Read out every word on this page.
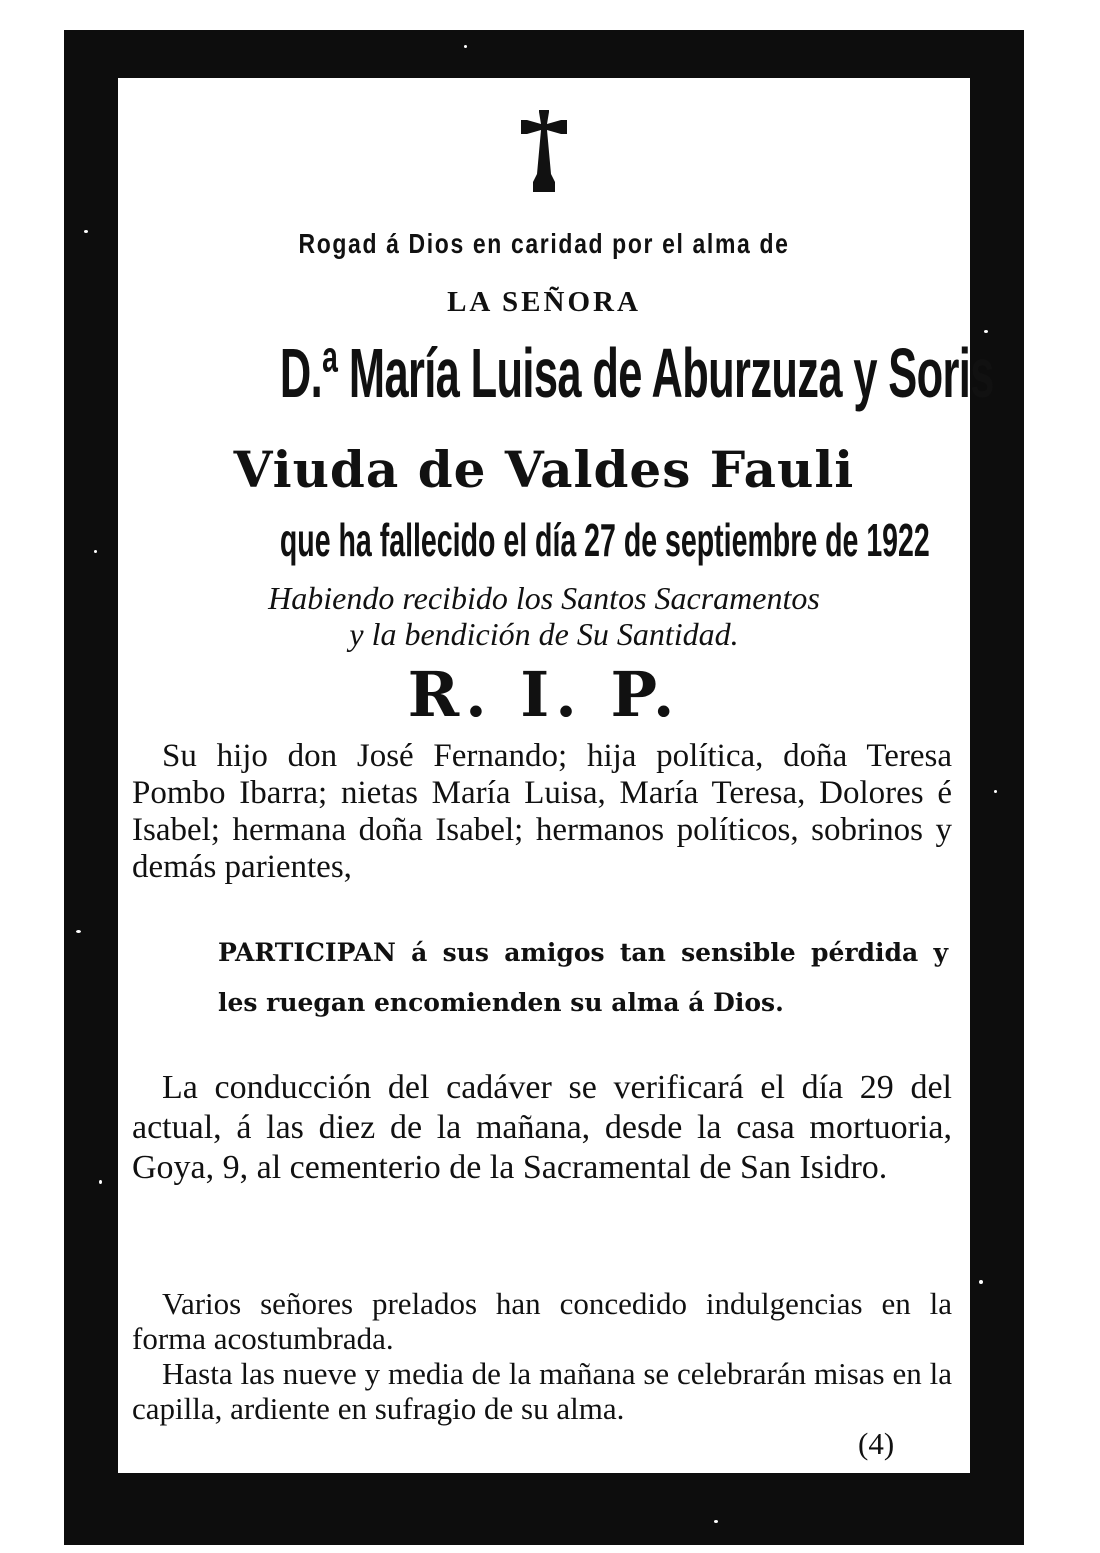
Rogad á Dios en caridad por el alma de
LA SEÑORA
D.ª María Luisa de Aburzuza y Soris
Viuda de Valdes Fauli
que ha fallecido el día 27 de septiembre de 1922
Habiendo recibido los Santos Sacramentos
y la bendición de Su Santidad.
R. I. P.
Su hijo don José Fernando; hija política, doña Teresa Pombo Ibarra; nietas María Luisa, María Teresa, Dolores é Isabel; hermana doña Isabel; hermanos políticos, sobrinos y demás parientes,
PARTICIPAN á sus amigos tan sensible pérdida y les ruegan encomienden su alma á Dios.
La conducción del cadáver se verificará el día 29 del actual, á las diez de la mañana, desde la casa mortuoria, Goya, 9, al cementerio de la Sacramental de San Isidro.
Varios señores prelados han concedido indulgencias en la forma acostumbrada.
Hasta las nueve y media de la mañana se celebrarán misas en la capilla, ardiente en sufragio de su alma.
(4)
